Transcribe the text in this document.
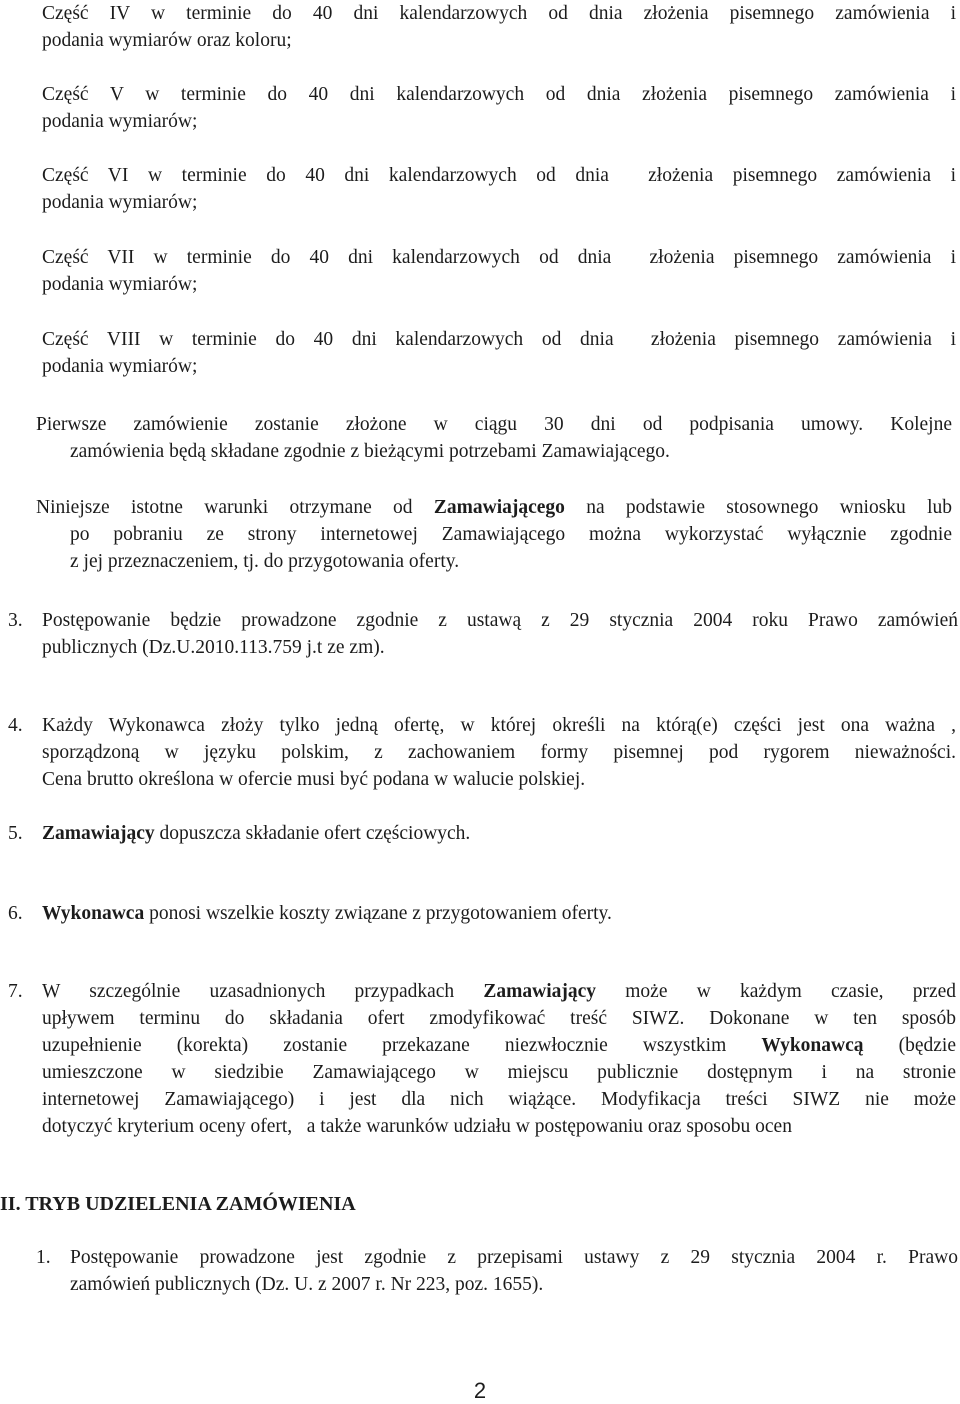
Część IV w terminie do 40 dni kalendarzowych od dnia złożenia pisemnego zamówienia i
podania wymiarów oraz koloru;
Część V w terminie do 40 dni kalendarzowych od dnia złożenia pisemnego zamówienia i
podania wymiarów;
Część VI w terminie do 40 dni kalendarzowych od dnia  złożenia pisemnego zamówienia i
podania wymiarów;
Część VII w terminie do 40 dni kalendarzowych od dnia  złożenia pisemnego zamówienia i
podania wymiarów;
Część VIII w terminie do 40 dni kalendarzowych od dnia  złożenia pisemnego zamówienia i
podania wymiarów;
Pierwsze zamówienie zostanie złożone w ciągu 30 dni od podpisania umowy. Kolejne
zamówienia będą składane zgodnie z bieżącymi potrzebami Zamawiającego.
Niniejsze istotne warunki otrzymane od Zamawiającego na podstawie stosownego wniosku lub
po pobraniu ze strony internetowej Zamawiającego można wykorzystać wyłącznie zgodnie
z jej przeznaczeniem, tj. do przygotowania oferty.
3. Postępowanie będzie prowadzone zgodnie z ustawą z 29 stycznia 2004 roku Prawo zamówień
publicznych (Dz.U.2010.113.759 j.t ze zm).
4. Każdy Wykonawca złoży tylko jedną ofertę, w której określi na którą(e) części jest ona ważna ,
sporządzoną w języku polskim, z zachowaniem formy pisemnej pod rygorem nieważności.
Cena brutto określona w ofercie musi być podana w walucie polskiej.
5. Zamawiający dopuszcza składanie ofert częściowych.
6. Wykonawca ponosi wszelkie koszty związane z przygotowaniem oferty.
7. W szczególnie uzasadnionych przypadkach Zamawiający może w każdym czasie, przed
upływem terminu do składania ofert zmodyfikować treść SIWZ. Dokonane w ten sposób
uzupełnienie (korekta) zostanie przekazane niezwłocznie wszystkim Wykonawcą (będzie
umieszczone w siedzibie Zamawiającego w miejscu publicznie dostępnym i na stronie
internetowej Zamawiającego) i jest dla nich wiążące. Modyfikacja treści SIWZ nie może
dotyczyć kryterium oceny ofert,   a także warunków udziału w postępowaniu oraz sposobu ocen
II. TRYB UDZIELENIA ZAMÓWIENIA
1. Postępowanie prowadzone jest zgodnie z przepisami ustawy z 29 stycznia 2004 r. Prawo
zamówień publicznych (Dz. U. z 2007 r. Nr 223, poz. 1655).
2
